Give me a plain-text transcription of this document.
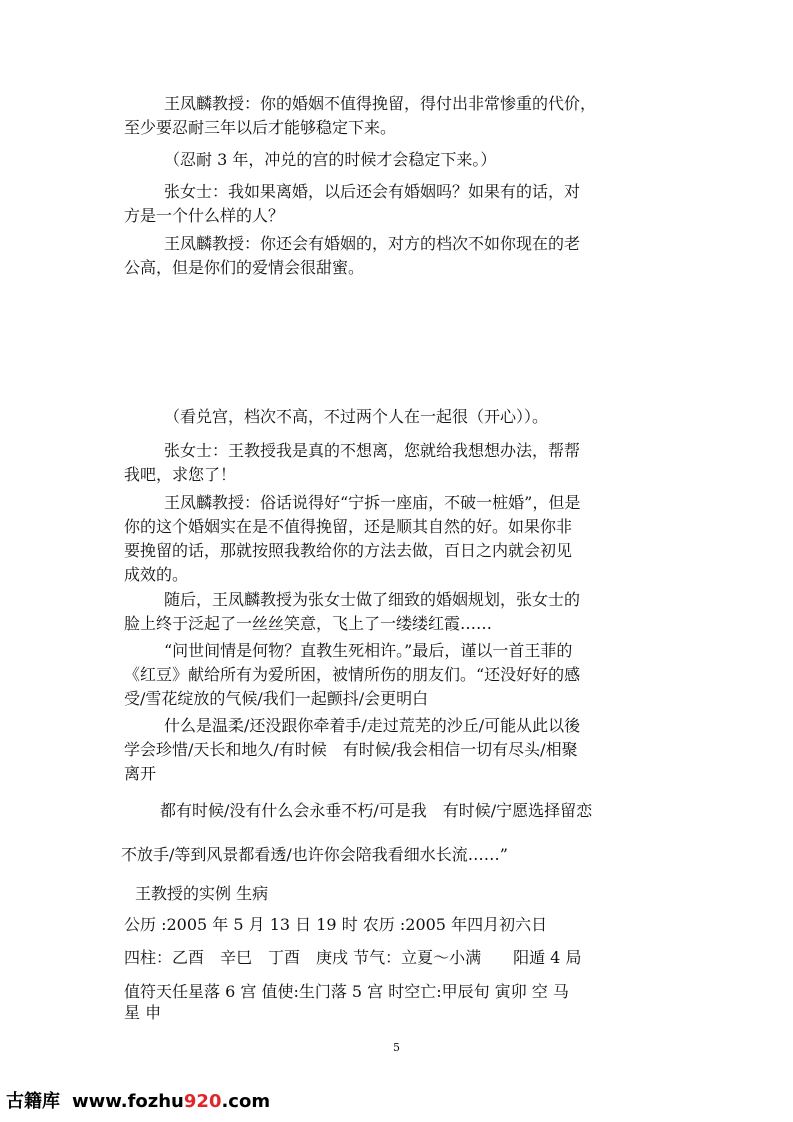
王凤麟教授：你的婚姻不值得挽留，得付出非常惨重的代价，
至少要忍耐三年以后才能够稳定下来。
（忍耐 3 年，冲兑的宫的时候才会稳定下来。）
张女士：我如果离婚，以后还会有婚姻吗？如果有的话，对
方是一个什么样的人？
王凤麟教授：你还会有婚姻的，对方的档次不如你现在的老
公高，但是你们的爱情会很甜蜜。
（看兑宫，档次不高，不过两个人在一起很（开心））。
张女士：王教授我是真的不想离，您就给我想想办法，帮帮
我吧，求您了！
王凤麟教授：俗话说得好“宁拆一座庙，不破一桩婚”，但是
你的这个婚姻实在是不值得挽留，还是顺其自然的好。如果你非
要挽留的话，那就按照我教给你的方法去做，百日之内就会初见
成效的。
随后，王凤麟教授为张女士做了细致的婚姻规划，张女士的
脸上终于泛起了一丝丝笑意，飞上了一缕缕红霞……
“问世间情是何物？直教生死相许。”最后，谨以一首王菲的
《红豆》献给所有为爱所困，被情所伤的朋友们。“还没好好的感
受/雪花绽放的气候/我们一起颤抖/会更明白
什么是温柔/还没跟你牵着手/走过荒芜的沙丘/可能从此以後
学会珍惜/天长和地久/有时候　有时候/我会相信一切有尽头/相聚
离开

都有时候/没有什么会永垂不朽/可是我　有时候/宁愿选择留恋

不放手/等到风景都看透/也许你会陪我看细水长流……”

王教授的实例 生病

公历 :2005 年 5 月 13 日 19 时 农历 :2005 年四月初六日

四柱：乙酉　辛巳　丁酉　庚戌 节气：立夏～小满　　阳遁 4 局

值符天任星落 6 宫 值使:生门落 5 宫 时空亡:甲辰旬 寅卯 空 马

星 申

5
古籍库 www.fozhu920.com
